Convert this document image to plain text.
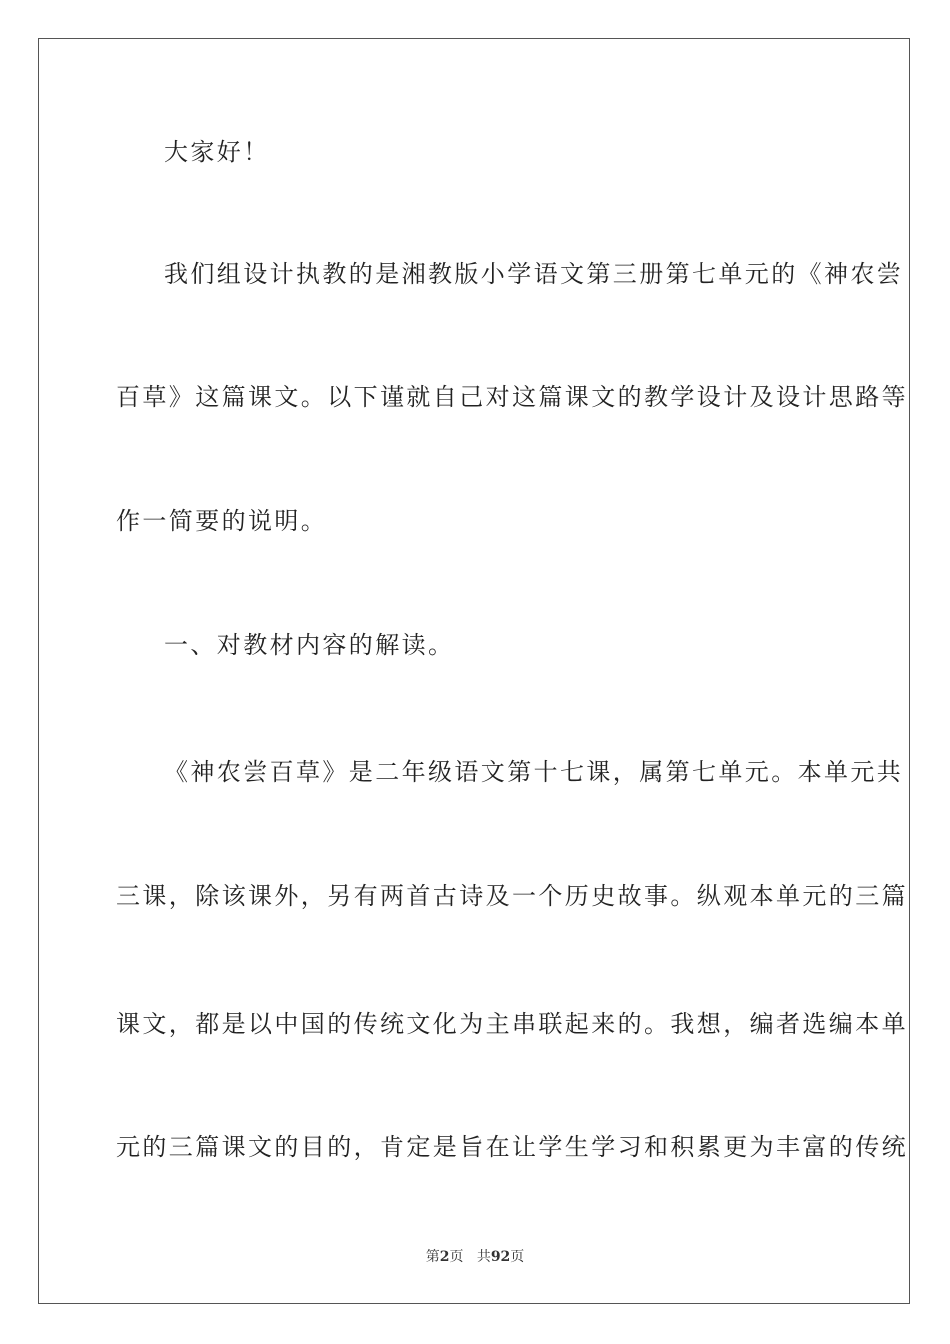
大家好！
我们组设计执教的是湘教版小学语文第三册第七单元的《神农尝
百草》这篇课文。以下谨就自己对这篇课文的教学设计及设计思路等
作一简要的说明。
一、对教材内容的解读。
《神农尝百草》是二年级语文第十七课，属第七单元。本单元共
三课，除该课外，另有两首古诗及一个历史故事。纵观本单元的三篇
课文，都是以中国的传统文化为主串联起来的。我想，编者选编本单
元的三篇课文的目的，肯定是旨在让学生学习和积累更为丰富的传统
第2页 共92页
